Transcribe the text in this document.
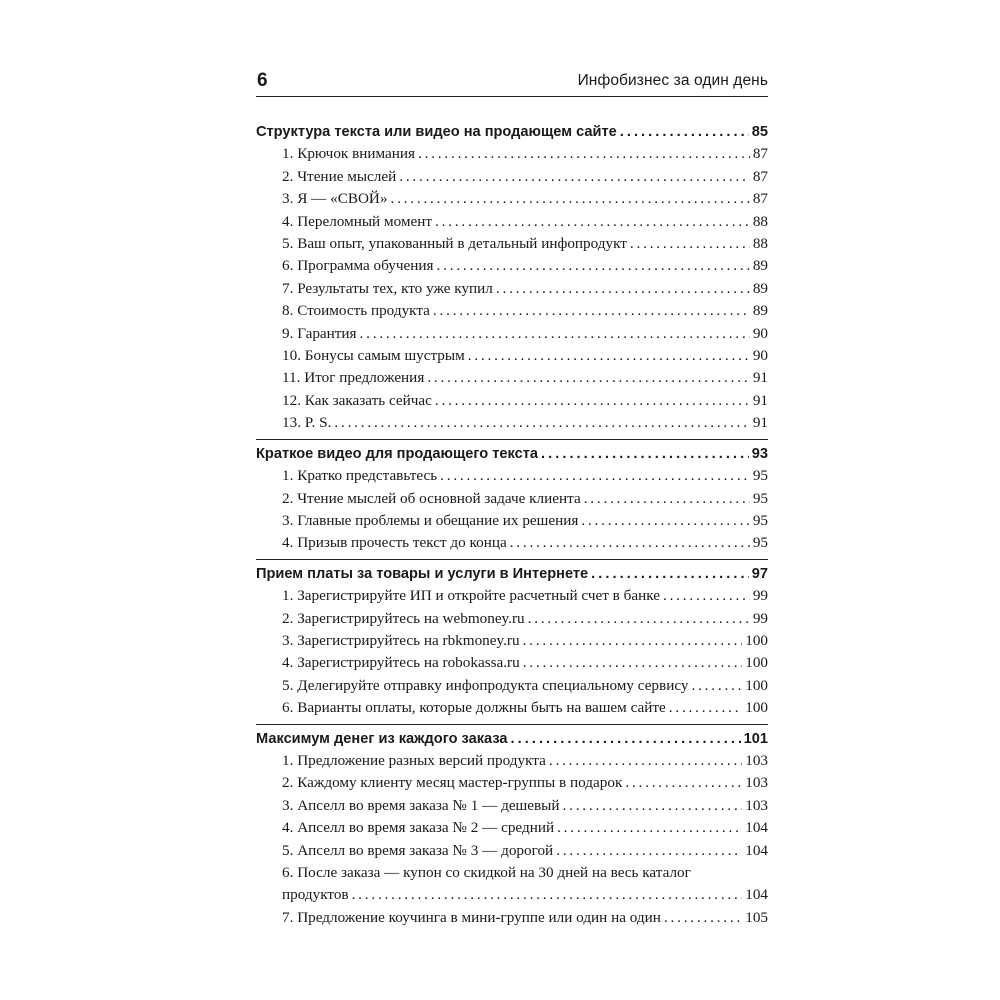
6	Инфобизнес за один день
Структура текста или видео на продающем сайте . . .	85
1. Крючок внимания . . .	87
2. Чтение мыслей . . .	87
3. Я — «СВОЙ» . . .	87
4. Переломный момент . . .	88
5. Ваш опыт, упакованный в детальный инфопродукт . . .	88
6. Программа обучения . . .	89
7. Результаты тех, кто уже купил . . .	89
8. Стоимость продукта . . .	89
9. Гарантия . . .	90
10. Бонусы самым шустрым . . .	90
11. Итог предложения . . .	91
12. Как заказать сейчас . . .	91
13. P. S. . . .	91
Краткое видео для продающего текста . . .	93
1. Кратко представьтесь . . .	95
2. Чтение мыслей об основной задаче клиента . . .	95
3. Главные проблемы и обещание их решения . . .	95
4. Призыв прочесть текст до конца . . .	95
Прием платы за товары и услуги в Интернете . . .	97
1. Зарегистрируйте ИП и откройте расчетный счет в банке . . .	99
2. Зарегистрируйтесь на webmoney.ru . . .	99
3. Зарегистрируйтесь на rbkmoney.ru . . .	100
4. Зарегистрируйтесь на robokassa.ru . . .	100
5. Делегируйте отправку инфопродукта специальному сервису . . .	100
6. Варианты оплаты, которые должны быть на вашем сайте . . .	100
Максимум денег из каждого заказа . . .	101
1. Предложение разных версий продукта . . .	103
2. Каждому клиенту месяц мастер-группы в подарок . . .	103
3. Апселл во время заказа № 1 — дешевый . . .	103
4. Апселл во время заказа № 2 — средний . . .	104
5. Апселл во время заказа № 3 — дорогой . . .	104
6. После заказа — купон со скидкой на 30 дней на весь каталог
продуктов . . .	104
7. Предложение коучинга в мини-группе или один на один . . .	105
